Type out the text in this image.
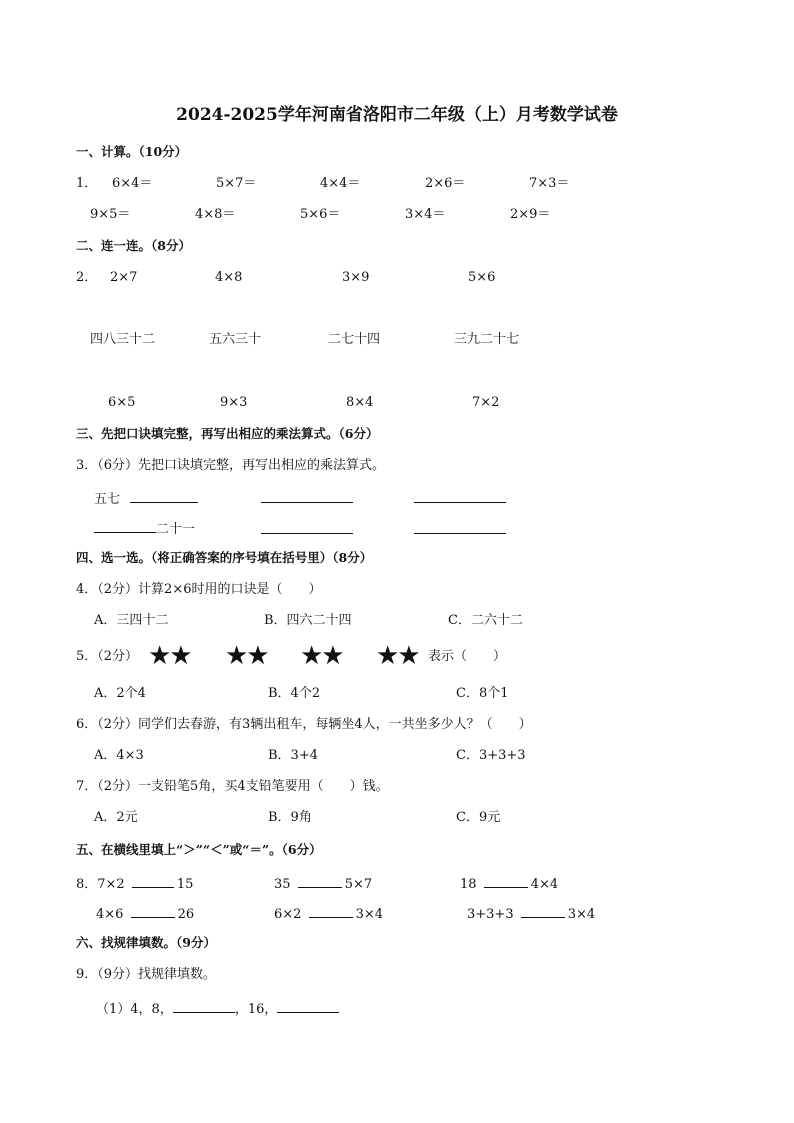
2024-2025学年河南省洛阳市二年级（上）月考数学试卷
一、计算。（10分）
1． 6×4＝	5×7＝	4×4＝	2×6＝	7×3＝
9×5＝	4×8＝	5×6＝	3×4＝	2×9＝
二、连一连。（8分）
2． 2×7	4×8	3×9	5×6
四八三十二	五六三十	二七十四	三九二十七
6×5	9×3	8×4	7×2
三、先把口诀填完整，再写出相应的乘法算式。（6分）
3．（6分）先把口诀填完整，再写出相应的乘法算式。
五七
二十一
四、选一选。（将正确答案的序号填在括号里）（8分）
4．（2分）计算2×6时用的口诀是（　　）
A．三四十二	B．四六二十四	C．二六十二
5．（2分） ★★ ★★ ★★ ★★ 表示（　　）
A．2个4	B．4个2	C．8个1
6．（2分）同学们去春游，有3辆出租车，每辆坐4人，一共坐多少人？（　　）
A．4×3	B．3+4	C．3+3+3
7．（2分）一支铅笔5角，买4支铅笔要用（　　）钱。
A．2元	B．9角	C．9元
五、在横线里填上“＞”“＜”或“＝”。（6分）
8．7×2	15	35	5×7	18	4×4
4×6	26	6×2	3×4	3+3+3	3×4
六、找规律填数。（9分）
9．（9分）找规律填数。
（1）4，8，	，16，
